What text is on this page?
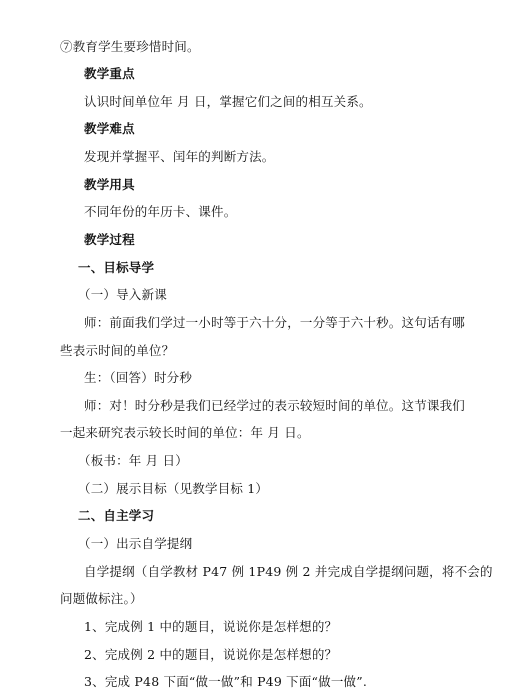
⑦教育学生要珍惜时间。
教学重点
认识时间单位年 月 日，掌握它们之间的相互关系。
教学难点
发现并掌握平、闰年的判断方法。
教学用具
不同年份的年历卡、课件。
教学过程
一、目标导学
（一）导入新课
师：前面我们学过一小时等于六十分，一分等于六十秒。这句话有哪
些表示时间的单位？
生：（回答）时分秒
师：对！时分秒是我们已经学过的表示较短时间的单位。这节课我们
一起来研究表示较长时间的单位：年 月 日。
（板书：年 月 日）
（二）展示目标（见教学目标 1）
二、自主学习
（一）出示自学提纲
自学提纲（自学教材 P47 例 1P49 例 2 并完成自学提纲问题，将不会的
问题做标注。）
1、完成例 1 中的题目，说说你是怎样想的？
2、完成例 2 中的题目，说说你是怎样想的？
3、完成 P48 下面“做一做”和 P49 下面“做一做”.
